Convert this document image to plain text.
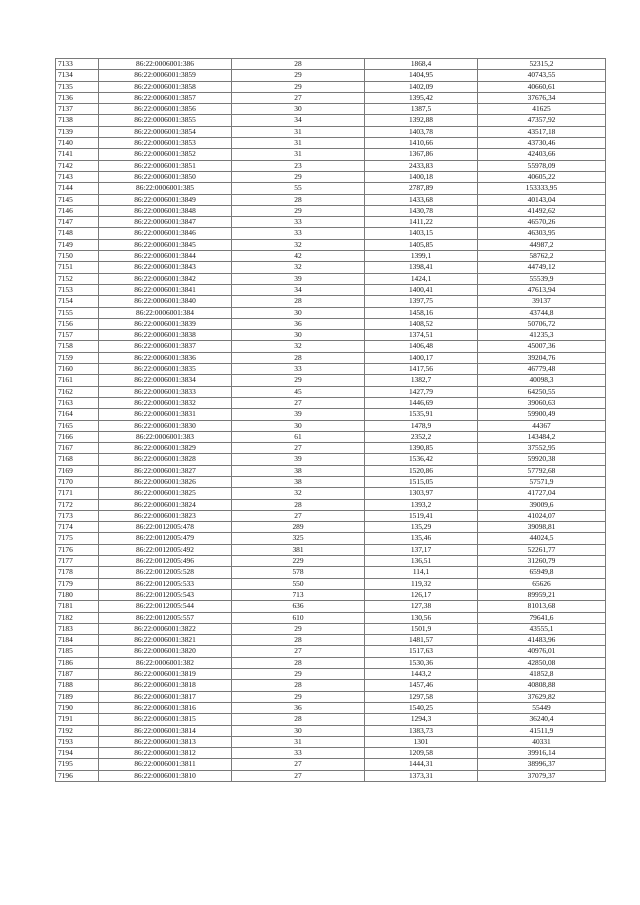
7133	86:22:0006001:386	28	1868,4	52315,2
7134	86:22:0006001:3859	29	1404,95	40743,55
7135	86:22:0006001:3858	29	1402,09	40660,61
7136	86:22:0006001:3857	27	1395,42	37676,34
7137	86:22:0006001:3856	30	1387,5	41625
7138	86:22:0006001:3855	34	1392,88	47357,92
7139	86:22:0006001:3854	31	1403,78	43517,18
7140	86:22:0006001:3853	31	1410,66	43730,46
7141	86:22:0006001:3852	31	1367,86	42403,66
7142	86:22:0006001:3851	23	2433,83	55978,09
7143	86:22:0006001:3850	29	1400,18	40605,22
7144	86:22:0006001:385	55	2787,89	153333,95
7145	86:22:0006001:3849	28	1433,68	40143,04
7146	86:22:0006001:3848	29	1430,78	41492,62
7147	86:22:0006001:3847	33	1411,22	46570,26
7148	86:22:0006001:3846	33	1403,15	46303,95
7149	86:22:0006001:3845	32	1405,85	44987,2
7150	86:22:0006001:3844	42	1399,1	58762,2
7151	86:22:0006001:3843	32	1398,41	44749,12
7152	86:22:0006001:3842	39	1424,1	55539,9
7153	86:22:0006001:3841	34	1400,41	47613,94
7154	86:22:0006001:3840	28	1397,75	39137
7155	86:22:0006001:384	30	1458,16	43744,8
7156	86:22:0006001:3839	36	1408,52	50706,72
7157	86:22:0006001:3838	30	1374,51	41235,3
7158	86:22:0006001:3837	32	1406,48	45007,36
7159	86:22:0006001:3836	28	1400,17	39204,76
7160	86:22:0006001:3835	33	1417,56	46779,48
7161	86:22:0006001:3834	29	1382,7	40098,3
7162	86:22:0006001:3833	45	1427,79	64250,55
7163	86:22:0006001:3832	27	1446,69	39060,63
7164	86:22:0006001:3831	39	1535,91	59900,49
7165	86:22:0006001:3830	30	1478,9	44367
7166	86:22:0006001:383	61	2352,2	143484,2
7167	86:22:0006001:3829	27	1390,85	37552,95
7168	86:22:0006001:3828	39	1536,42	59920,38
7169	86:22:0006001:3827	38	1520,86	57792,68
7170	86:22:0006001:3826	38	1515,05	57571,9
7171	86:22:0006001:3825	32	1303,97	41727,04
7172	86:22:0006001:3824	28	1393,2	39009,6
7173	86:22:0006001:3823	27	1519,41	41024,07
7174	86:22:0012005:478	289	135,29	39098,81
7175	86:22:0012005:479	325	135,46	44024,5
7176	86:22:0012005:492	381	137,17	52261,77
7177	86:22:0012005:496	229	136,51	31260,79
7178	86:22:0012005:528	578	114,1	65949,8
7179	86:22:0012005:533	550	119,32	65626
7180	86:22:0012005:543	713	126,17	89959,21
7181	86:22:0012005:544	636	127,38	81013,68
7182	86:22:0012005:557	610	130,56	79641,6
7183	86:22:0006001:3822	29	1501,9	43555,1
7184	86:22:0006001:3821	28	1481,57	41483,96
7185	86:22:0006001:3820	27	1517,63	40976,01
7186	86:22:0006001:382	28	1530,36	42850,08
7187	86:22:0006001:3819	29	1443,2	41852,8
7188	86:22:0006001:3818	28	1457,46	40808,88
7189	86:22:0006001:3817	29	1297,58	37629,82
7190	86:22:0006001:3816	36	1540,25	55449
7191	86:22:0006001:3815	28	1294,3	36240,4
7192	86:22:0006001:3814	30	1383,73	41511,9
7193	86:22:0006001:3813	31	1301	40331
7194	86:22:0006001:3812	33	1209,58	39916,14
7195	86:22:0006001:3811	27	1444,31	38996,37
7196	86:22:0006001:3810	27	1373,31	37079,37
